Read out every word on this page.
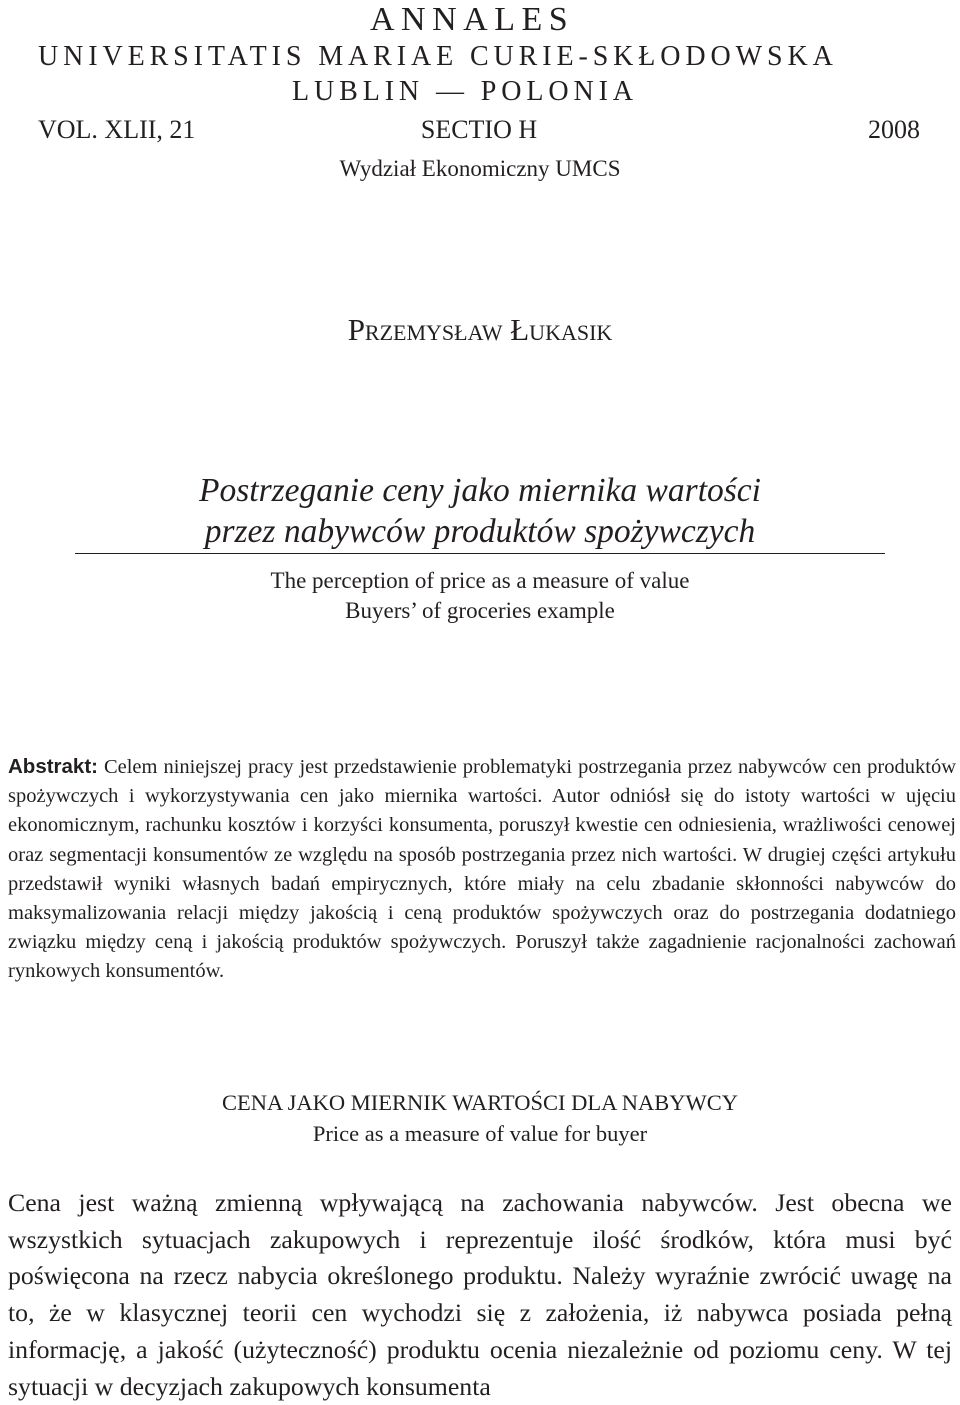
ANNALES
UNIVERSITATIS MARIAE CURIE-SKŁODOWSKA
LUBLIN — POLONIA
VOL. XLII, 21	SECTIO H	2008
Wydział Ekonomiczny UMCS
Przemysław Łukasik
Postrzeganie ceny jako miernika wartości
przez nabywców produktów spożywczych
The perception of price as a measure of value
Buyers’ of groceries example
Abstrakt: Celem niniejszej pracy jest przedstawienie problematyki postrzegania przez nabywców cen produktów spożywczych i wykorzystywania cen jako miernika wartości. Autor odniósł się do istoty wartości w ujęciu ekonomicznym, rachunku kosztów i korzyści konsumenta, poruszył kwestie cen odniesienia, wrażliwości cenowej oraz segmentacji konsumentów ze względu na sposób postrzegania przez nich wartości. W drugiej części artykułu przedstawił wyniki własnych badań empirycznych, które miały na celu zbadanie skłonności nabywców do maksymalizowania relacji między jakością i ceną produktów spożywczych oraz do postrzegania dodatniego związku między ceną i jakością produktów spożywczych. Poruszył także zagadnienie racjonalności zachowań rynkowych konsumentów.
CENA JAKO MIERNIK WARTOŚCI DLA NABYWCY
Price as a measure of value for buyer
Cena jest ważną zmienną wpływającą na zachowania nabywców. Jest obecna we wszystkich sytuacjach zakupowych i reprezentuje ilość środków, która musi być poświęcona na rzecz nabycia określonego produktu. Należy wyraźnie zwrócić uwagę na to, że w klasycznej teorii cen wychodzi się z założenia, iż nabywca posiada pełną informację, a jakość (użyteczność) produktu ocenia niezależnie od poziomu ceny. W tej sytuacji w decyzjach zakupowych konsumenta
